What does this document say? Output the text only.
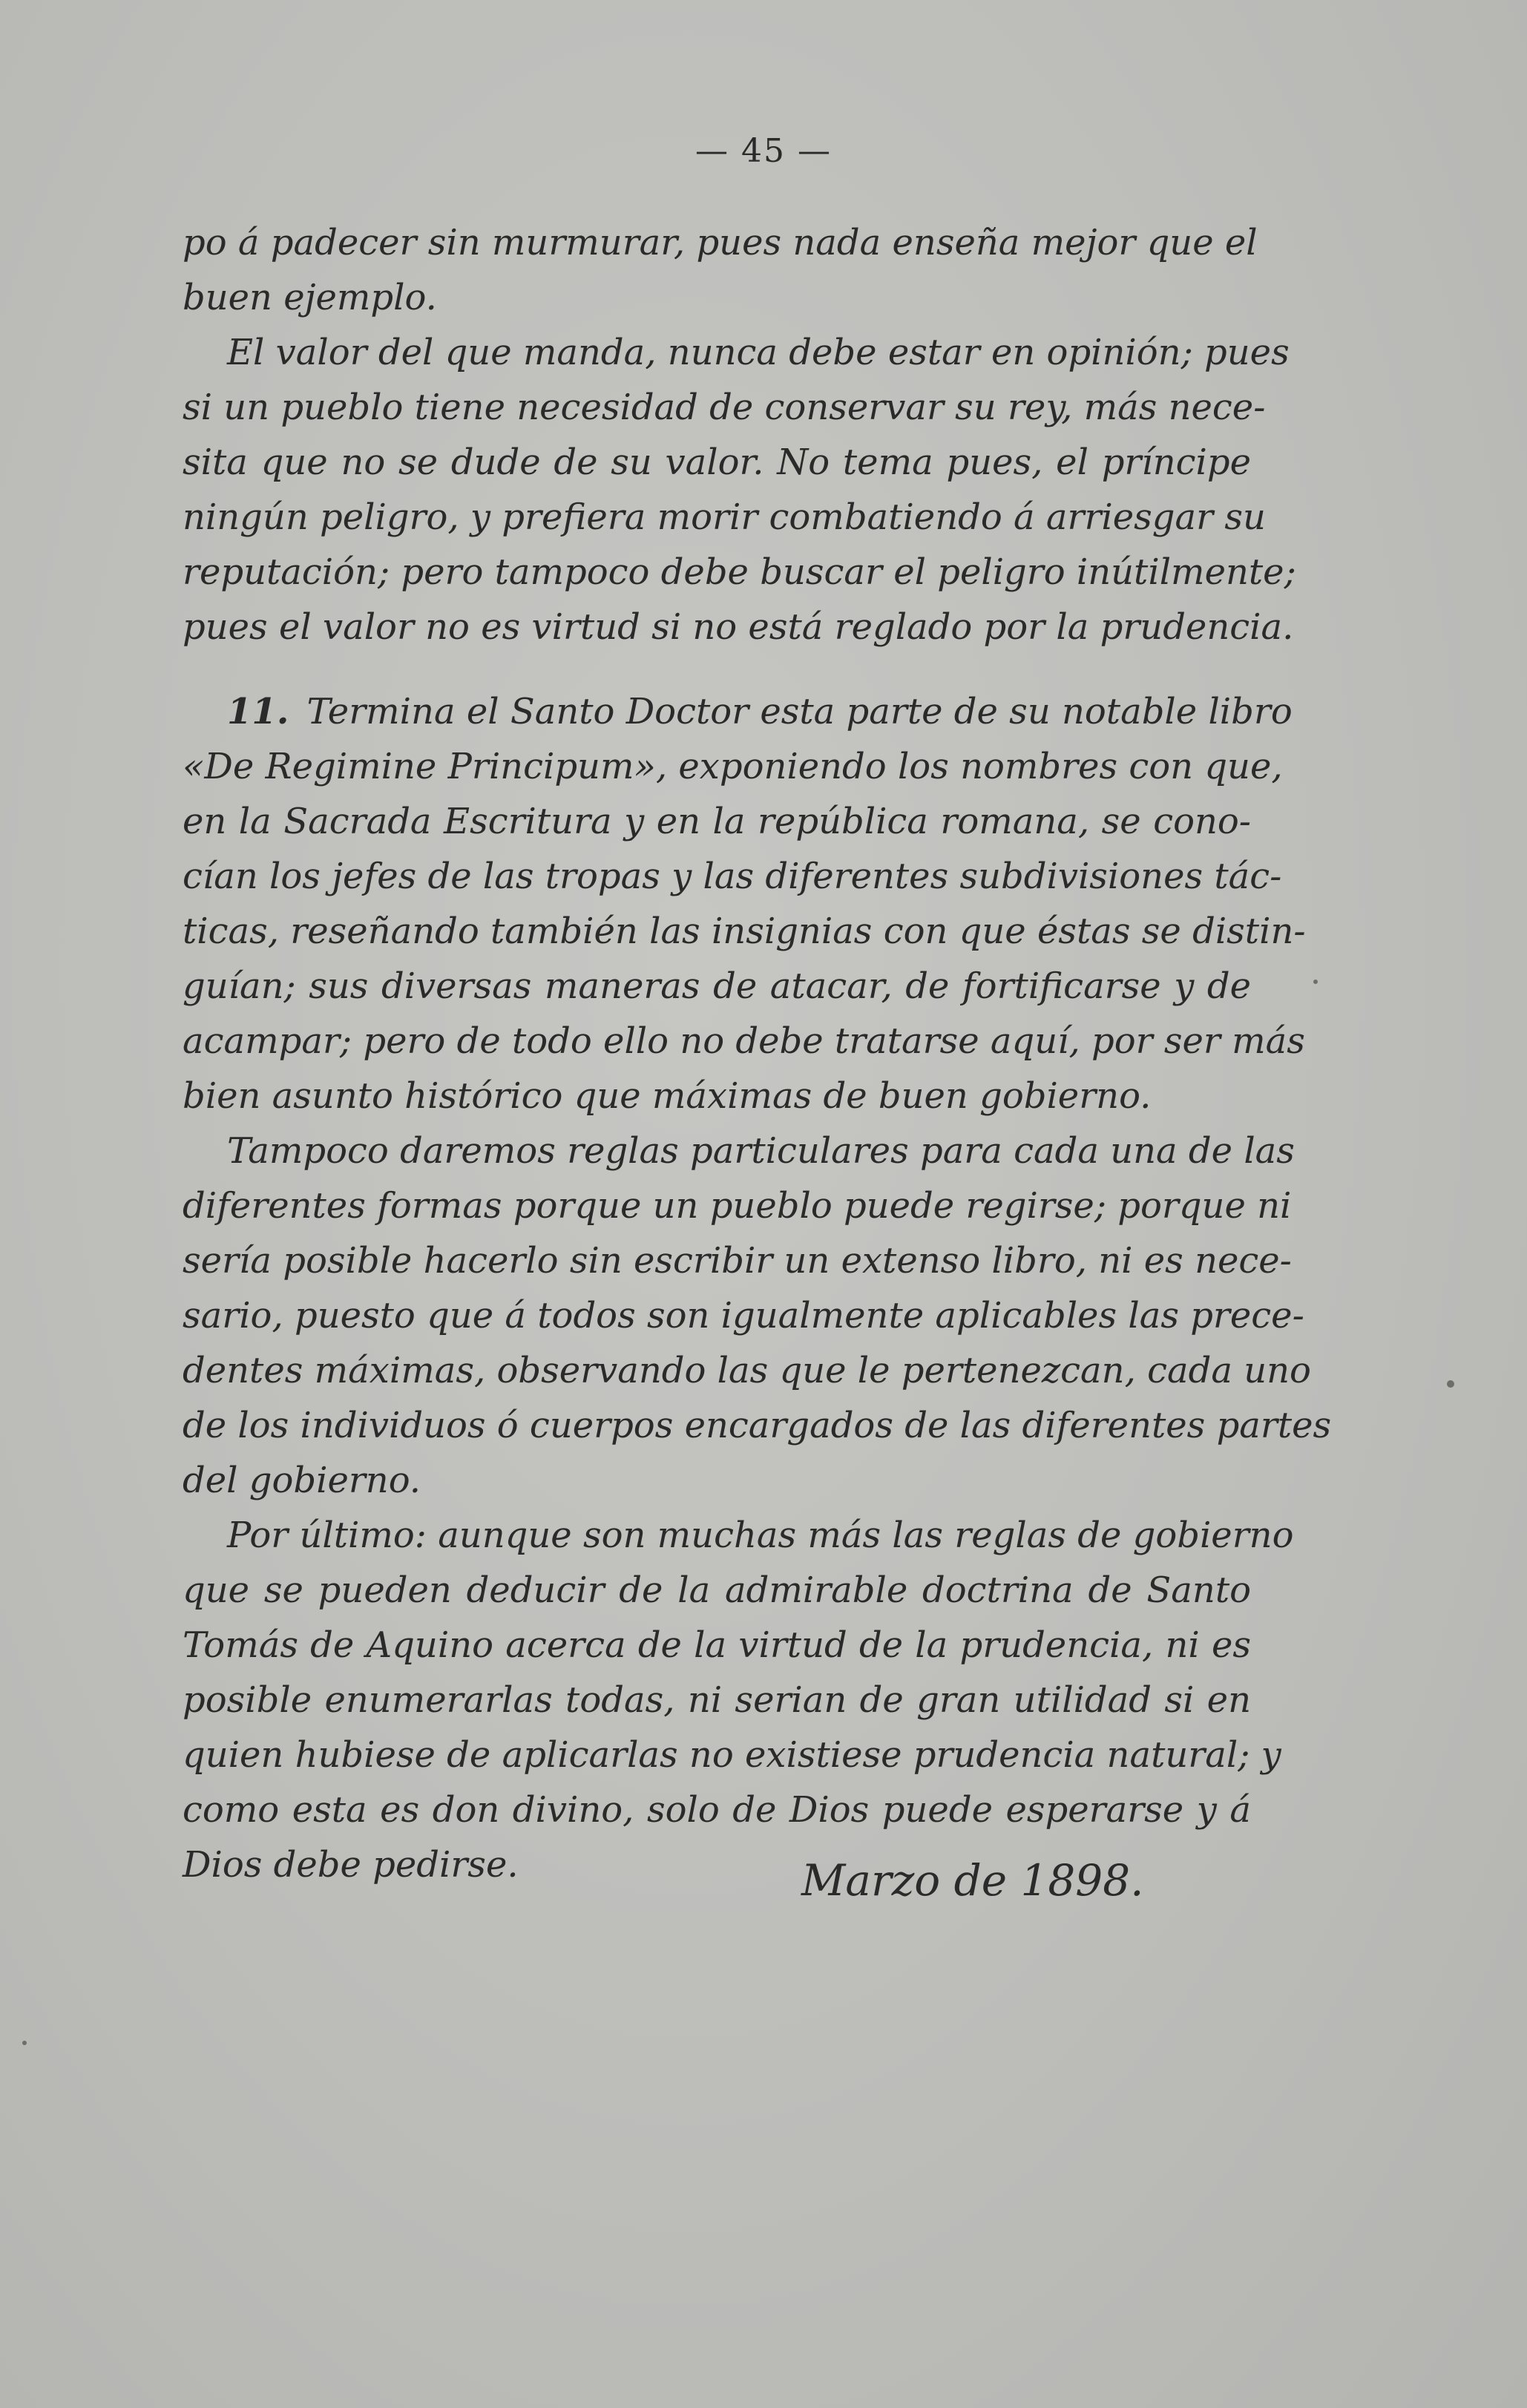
— 45 —
po á padecer sin murmurar, pues nada enseña mejor que el
buen ejemplo.
El valor del que manda, nunca debe estar en opinión; pues
si un pueblo tiene necesidad de conservar su rey, más nece-
sita que no se dude de su valor. No tema pues, el príncipe
ningún peligro, y prefiera morir combatiendo á arriesgar su
reputación; pero tampoco debe buscar el peligro inútilmente;
pues el valor no es virtud si no está reglado por la prudencia.
11. Termina el Santo Doctor esta parte de su notable libro
«De Regimine Principum», exponiendo los nombres con que,
en la Sacrada Escritura y en la república romana, se cono-
cían los jefes de las tropas y las diferentes subdivisiones tác-
ticas, reseñando también las insignias con que éstas se distin-
guían; sus diversas maneras de atacar, de fortificarse y de
acampar; pero de todo ello no debe tratarse aquí, por ser más
bien asunto histórico que máximas de buen gobierno.
Tampoco daremos reglas particulares para cada una de las
diferentes formas porque un pueblo puede regirse; porque ni
sería posible hacerlo sin escribir un extenso libro, ni es nece-
sario, puesto que á todos son igualmente aplicables las prece-
dentes máximas, observando las que le pertenezcan, cada uno
de los individuos ó cuerpos encargados de las diferentes partes
del gobierno.
Por último: aunque son muchas más las reglas de gobierno
que se pueden deducir de la admirable doctrina de Santo
Tomás de Aquino acerca de la virtud de la prudencia, ni es
posible enumerarlas todas, ni serian de gran utilidad si en
quien hubiese de aplicarlas no existiese prudencia natural; y
como esta es don divino, solo de Dios puede esperarse y á
Dios debe pedirse.	Marzo de 1898.
